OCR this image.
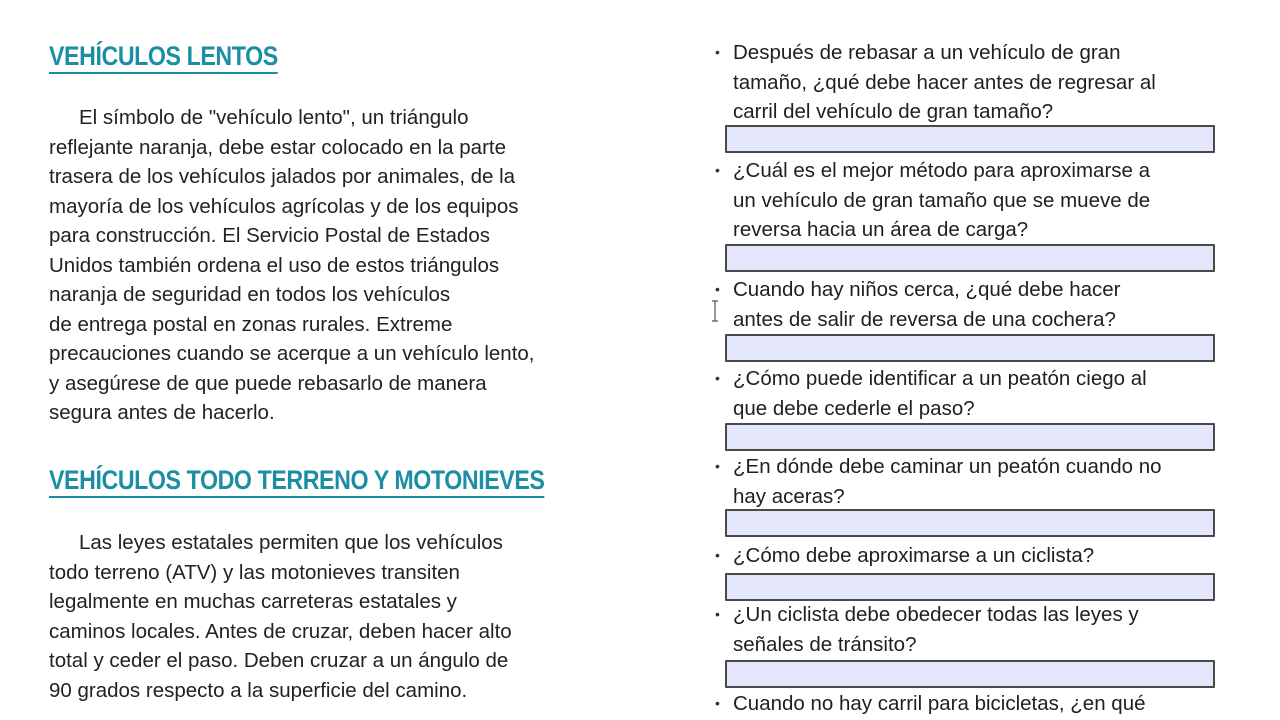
VEHÍCULOS LENTOS
El símbolo de "vehículo lento", un triángulo
reflejante naranja, debe estar colocado en la parte
trasera de los vehículos jalados por animales, de la
mayoría de los vehículos agrícolas y de los equipos
para construcción. El Servicio Postal de Estados
Unidos también ordena el uso de estos triángulos
naranja de seguridad en todos los vehículos
de entrega postal en zonas rurales. Extreme
precauciones cuando se acerque a un vehículo lento,
y asegúrese de que puede rebasarlo de manera
segura antes de hacerlo.
VEHÍCULOS TODO TERRENO Y MOTONIEVES
Las leyes estatales permiten que los vehículos
todo terreno (ATV) y las motonieves transiten
legalmente en muchas carreteras estatales y
caminos locales. Antes de cruzar, deben hacer alto
total y ceder el paso. Deben cruzar a un ángulo de
90 grados respecto a la superficie del camino.
• Después de rebasar a un vehículo de gran
tamaño, ¿qué debe hacer antes de regresar al
carril del vehículo de gran tamaño?
• ¿Cuál es el mejor método para aproximarse a
un vehículo de gran tamaño que se mueve de
reversa hacia un área de carga?
• Cuando hay niños cerca, ¿qué debe hacer
antes de salir de reversa de una cochera?
• ¿Cómo puede identificar a un peatón ciego al
que debe cederle el paso?
• ¿En dónde debe caminar un peatón cuando no
hay aceras?
• ¿Cómo debe aproximarse a un ciclista?
• ¿Un ciclista debe obedecer todas las leyes y
señales de tránsito?
• Cuando no hay carril para bicicletas, ¿en qué
